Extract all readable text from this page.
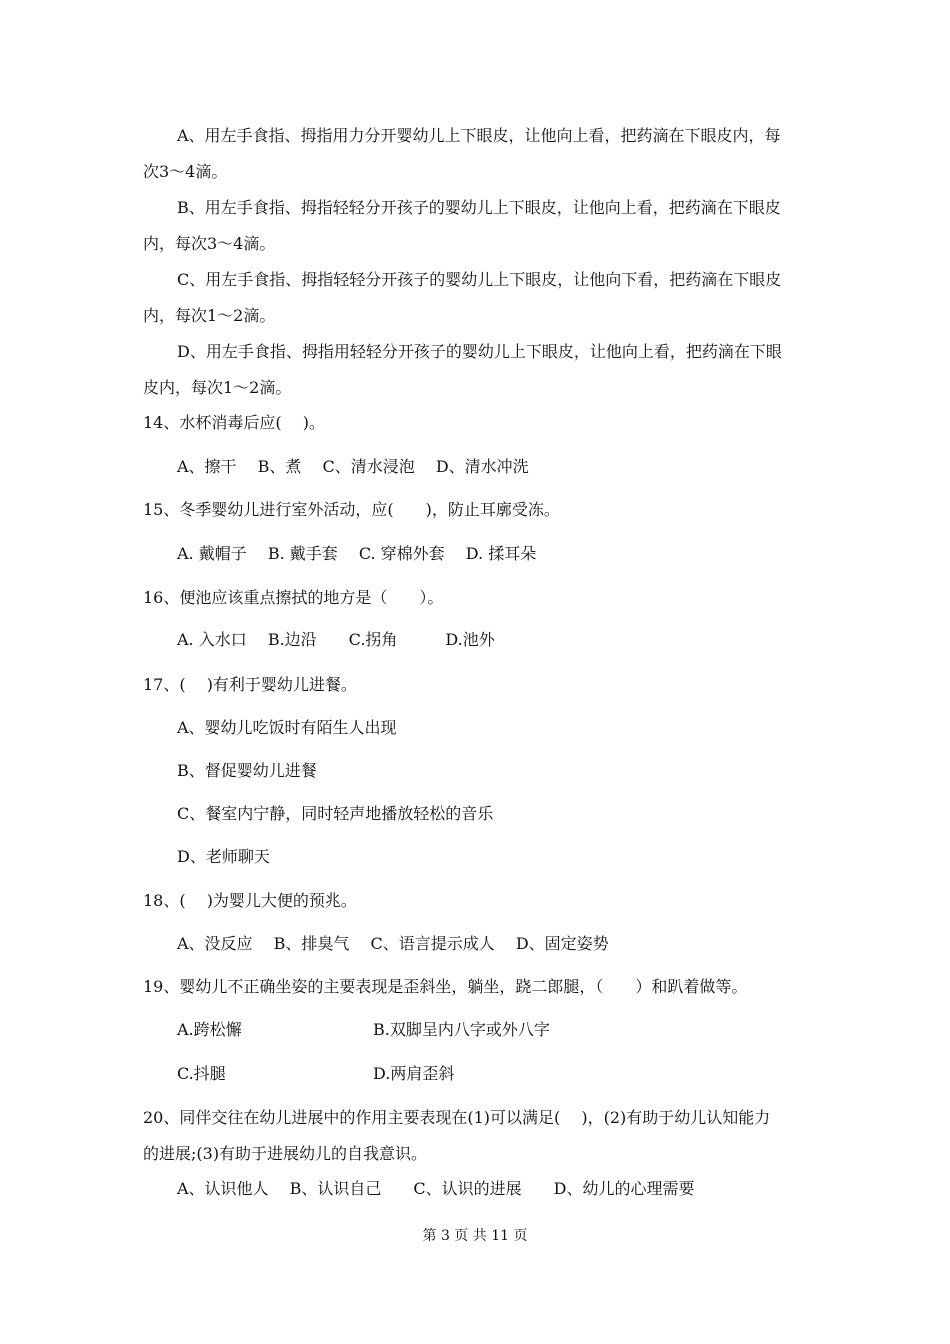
A、用左手食指、拇指用力分开婴幼儿上下眼皮，让他向上看，把药滴在下眼皮内，每
次3～4滴。
B、用左手食指、拇指轻轻分开孩子的婴幼儿上下眼皮，让他向上看，把药滴在下眼皮
内，每次3～4滴。
C、用左手食指、拇指轻轻分开孩子的婴幼儿上下眼皮，让他向下看，把药滴在下眼皮
内，每次1～2滴。
D、用左手食指、拇指用轻轻分开孩子的婴幼儿上下眼皮，让他向上看，把药滴在下眼
皮内，每次1～2滴。
14、水杯消毒后应(　 )。
A、擦干　 B、煮　 C、清水浸泡　 D、清水冲洗
15、冬季婴幼儿进行室外活动，应(　　)，防止耳廓受冻。
A. 戴帽子　 B. 戴手套　 C. 穿棉外套　 D. 揉耳朵
16、便池应该重点擦拭的地方是（　　）。
A. 入水口　 B.边沿　　C.拐角　　　D.池外
17、(　 )有利于婴幼儿进餐。
A、婴幼儿吃饭时有陌生人出现
B、督促婴幼儿进餐
C、餐室内宁静，同时轻声地播放轻松的音乐
D、老师聊天
18、(　 )为婴儿大便的预兆。
A、没反应　 B、排臭气　 C、语言提示成人　 D、固定姿势
19、婴幼儿不正确坐姿的主要表现是歪斜坐，躺坐，跷二郎腿，（　　）和趴着做等。
A.跨松懈	B.双脚呈内八字或外八字
C.抖腿	D.两肩歪斜
20、同伴交往在幼儿进展中的作用主要表现在(1)可以满足(　 )，(2)有助于幼儿认知能力
的进展;(3)有助于进展幼儿的自我意识。
A、认识他人　 B、认识自己　　C、认识的进展　　D、幼儿的心理需要
第 3 页 共 11 页
